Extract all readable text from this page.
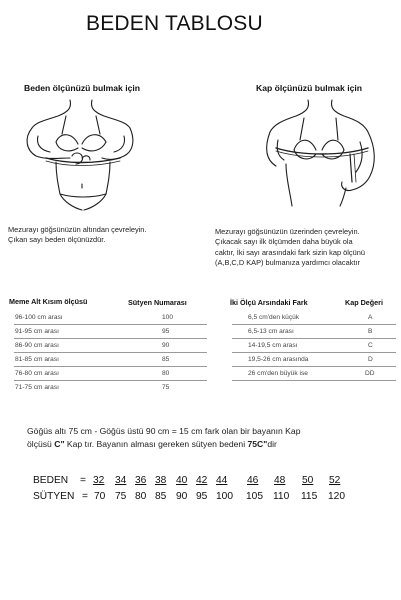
BEDEN TABLOSU
Beden ölçünüzü bulmak için	Kap ölçünüzü bulmak için
Mezurayı göğsünüzün altından çevreleyin.
Çıkan sayı beden ölçünüzdür.
Mezurayı göğsünüzün üzerinden çevreleyin.
Çıkacak sayı ilk ölçümden daha büyük ola
caktır, İki sayı arasındaki fark sizin kap ölçünü
(A,B,C,D KAP) bulmanıza yardımcı olacaktır
Meme Alt Kısım ölçüsü	Sütyen Numarası
96-100 cm arası	100
91-95 cm arası	95
86-90 cm arası	90
81-85 cm arası	85
76-80 cm arası	80
71-75 cm arası	75
İki Ölçü Arsındaki Fark	Kap Değeri
6,5 cm'den küçük	A
6,5-13 cm arası	B
14-19,5 cm arası	C
19,5-26 cm arasında	D
26 cm'den büyük ise	DD
Göğüs altı 75 cm - Göğüs üstü 90 cm = 15 cm fark olan bir bayanın Kap
ölçüsü C" Kap tır. Bayanın alması gereken sütyen bedeni 75C"dir
BEDEN = 32 34 36 38 40 42 44 46 48 50 52
SÜTYEN = 70 75 80 85 90 95 100 105 110 115 120
